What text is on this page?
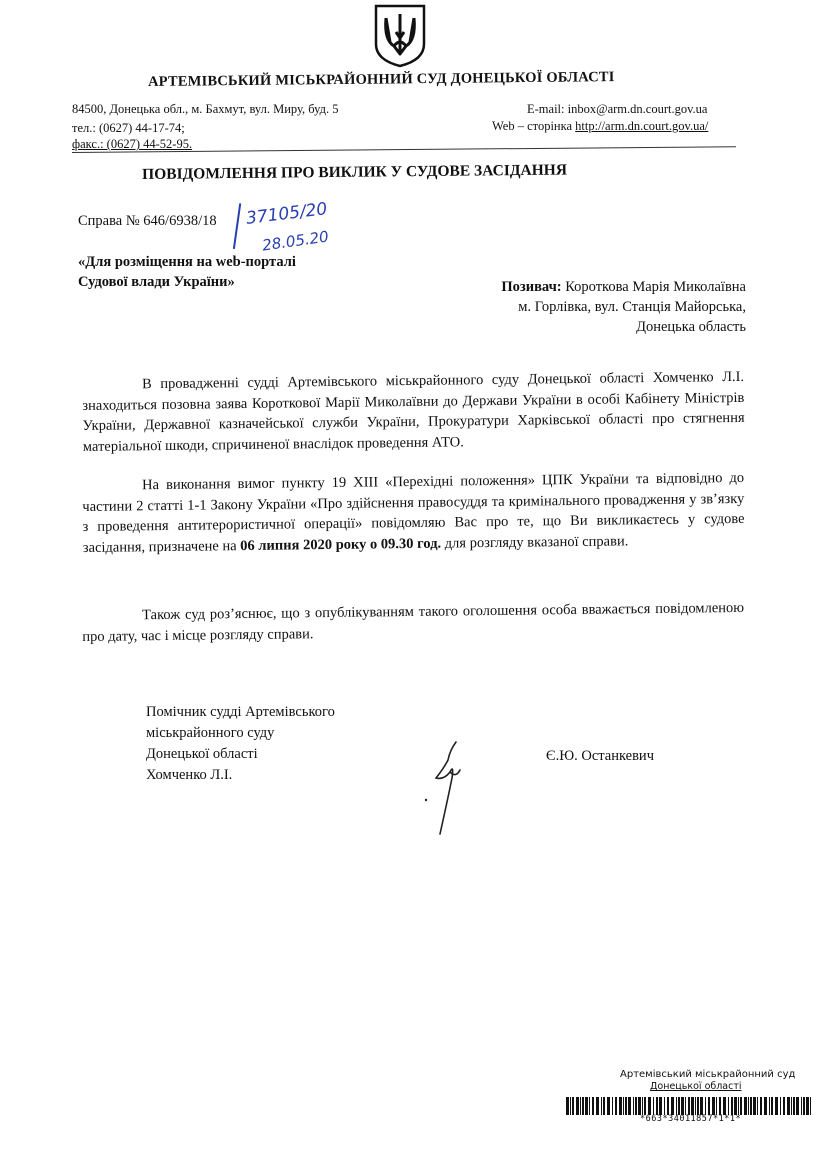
АРТЕМІВСЬКИЙ МІСЬКРАЙОННИЙ СУД ДОНЕЦЬКОЇ ОБЛАСТІ
84500, Донецька обл., м. Бахмут, вул. Миру, буд. 5
тел.: (0627) 44-17-74;
факс.: (0627) 44-52-95.
E-mail: inbox@arm.dn.court.gov.ua
Web – сторінка http://arm.dn.court.gov.ua/
ПОВІДОМЛЕННЯ ПРО ВИКЛИК У СУДОВЕ ЗАСІДАННЯ
Справа № 646/6938/18 37105/20
28.05.20
«Для розміщення на web-порталі
Судової влади України»	Позивач: Короткова Марія Миколаївна
м. Горлівка, вул. Станція Майорська,
Донецька область
В провадженні судді Артемівського міськрайонного суду Донецької області Хомченко Л.І. знаходиться позовна заява Короткової Марії Миколаївни до Держави України в особі Кабінету Міністрів України, Державної казначейської служби України, Прокуратури Харківської області про стягнення матеріальної шкоди, спричиненої внаслідок проведення АТО.
На виконання вимог пункту 19 ХІІІ «Перехідні положення» ЦПК України та відповідно до частини 2 статті 1-1 Закону України «Про здійснення правосуддя та кримінального провадження у зв’язку з проведення антитерористичної операції» повідомляю Вас про те, що Ви викликаєтесь у судове засідання, призначене на 06 липня 2020 року о 09.30 год. для розгляду вказаної справи.
Також суд роз’яснює, що з опублікуванням такого оголошення особа вважається повідомленою про дату, час і місце розгляду справи.
Помічник судді Артемівського
міськрайонного суду
Донецької області
Хомченко Л.І.
Є.Ю. Останкевич
Артемівський міськрайонний суд
Донецької області
*663*34011857*1*1*
